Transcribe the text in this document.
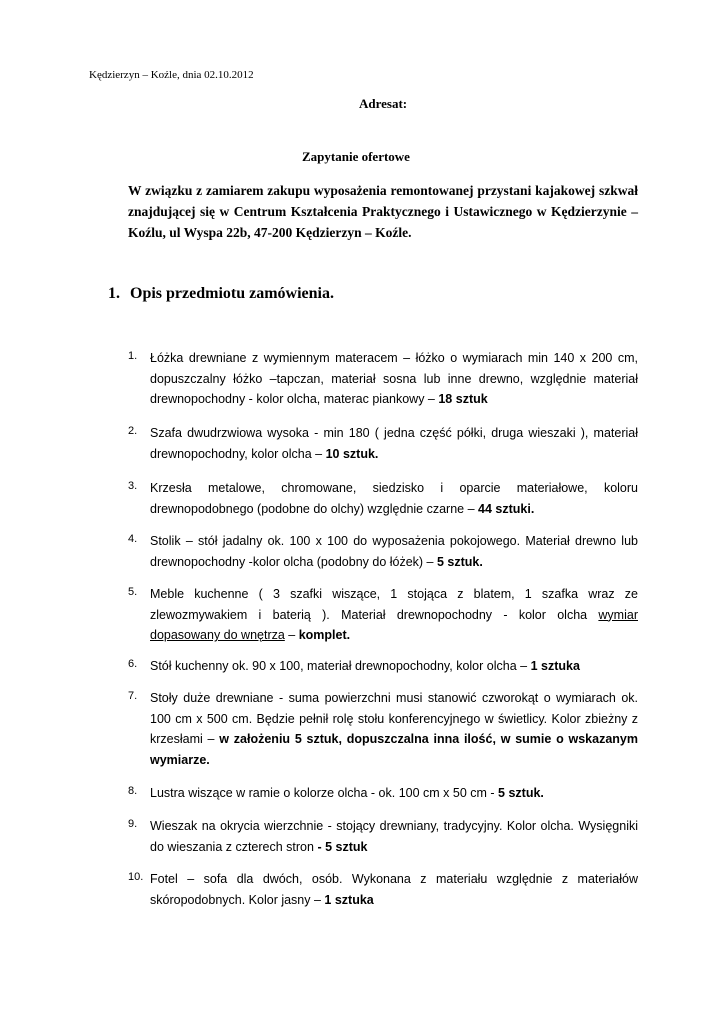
Kędzierzyn – Koźle, dnia 02.10.2012
Adresat:
Zapytanie ofertowe
W związku z zamiarem zakupu wyposażenia remontowanej przystani kajakowej szkwał znajdującej się w Centrum Kształcenia Praktycznego i Ustawicznego w Kędzierzynie – Koźlu, ul Wyspa 22b, 47-200 Kędzierzyn – Koźle.
1. Opis przedmiotu zamówienia.
1. Łóżka drewniane z wymiennym materacem – łóżko o wymiarach min 140 x 200 cm, dopuszczalny łóżko –tapczan, materiał sosna lub inne drewno, względnie materiał drewnopochodny - kolor olcha, materac piankowy – 18 sztuk
2. Szafa dwudrzwiowa wysoka - min 180 ( jedna część półki, druga wieszaki ), materiał drewnopochodny, kolor olcha – 10 sztuk.
3. Krzesła metalowe, chromowane, siedzisko i oparcie materiałowe, koloru drewnopodobnego (podobne do olchy) względnie czarne – 44 sztuki.
4. Stolik – stół jadalny ok. 100 x 100 do wyposażenia pokojowego. Materiał drewno lub drewnopochodny -kolor olcha (podobny do łóżek) – 5 sztuk.
5. Meble kuchenne ( 3 szafki wiszące, 1 stojąca z blatem, 1 szafka wraz ze zlewozmywakiem i baterią ). Materiał drewnopochodny - kolor olcha wymiar dopasowany do wnętrza – komplet.
6. Stół kuchenny ok. 90 x 100, materiał drewnopochodny, kolor olcha – 1 sztuka
7. Stoły duże drewniane - suma powierzchni musi stanowić czworokąt o wymiarach ok. 100 cm x 500 cm. Będzie pełnił rolę stołu konferencyjnego w świetlicy. Kolor zbieżny z krzesłami – w założeniu 5 sztuk, dopuszczalna inna ilość, w sumie o wskazanym wymiarze.
8. Lustra wiszące w ramie o kolorze olcha - ok. 100 cm x 50 cm - 5 sztuk.
9. Wieszak na okrycia wierzchnie - stojący drewniany, tradycyjny. Kolor olcha. Wysięgniki do wieszania z czterech stron - 5 sztuk
10. Fotel – sofa dla dwóch, osób. Wykonana z materiału względnie z materiałów skóropodobnych. Kolor jasny – 1 sztuka
